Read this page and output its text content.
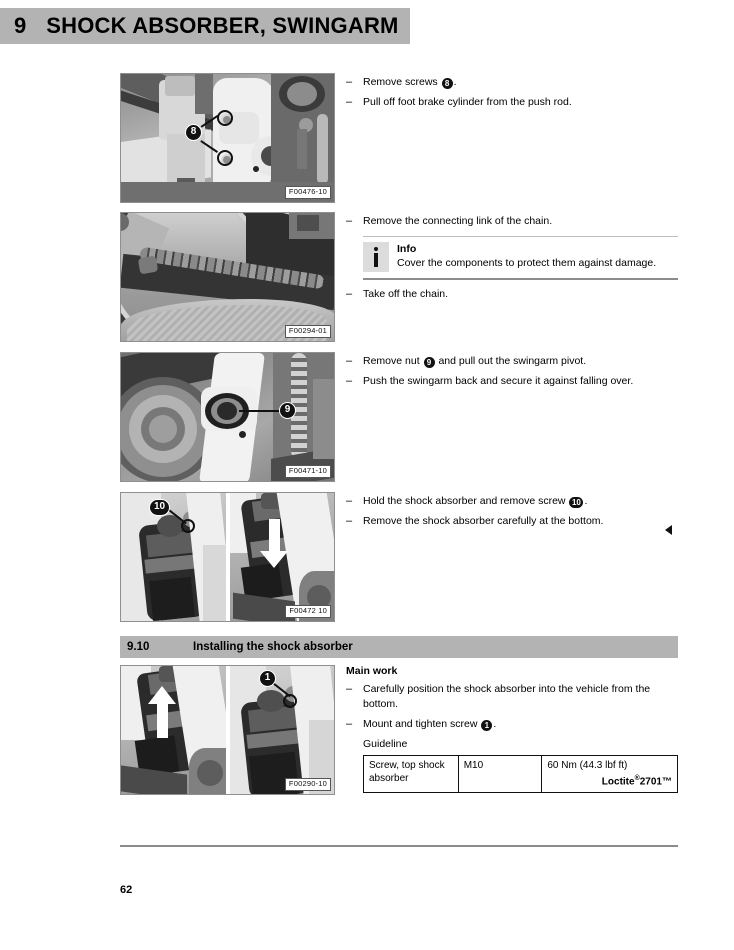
9 SHOCK ABSORBER, SWINGARM
8
F00476-10
–	Remove screws 8 .
–	Pull off foot brake cylinder from the push rod.
F00294-01
–	Remove the connecting link of the chain.
Info
Cover the components to protect them against damage.
–	Take off the chain.
9
F00471-10
–	Remove nut 9 and pull out the swingarm pivot.
–	Push the swingarm back and secure it against falling over.
10
F00472 10
–	Hold the shock absorber and remove screw 10 .
–	Remove the shock absorber carefully at the bottom.
9.10	Installing the shock absorber
1
F00290-10
Main work
–	Carefully position the shock absorber into the vehicle from the bottom.
–	Mount and tighten screw 1 .
Guideline
Screw, top shock absorber	M10	60 Nm (44.3 lbf ft)
Loctite®2701™
62
